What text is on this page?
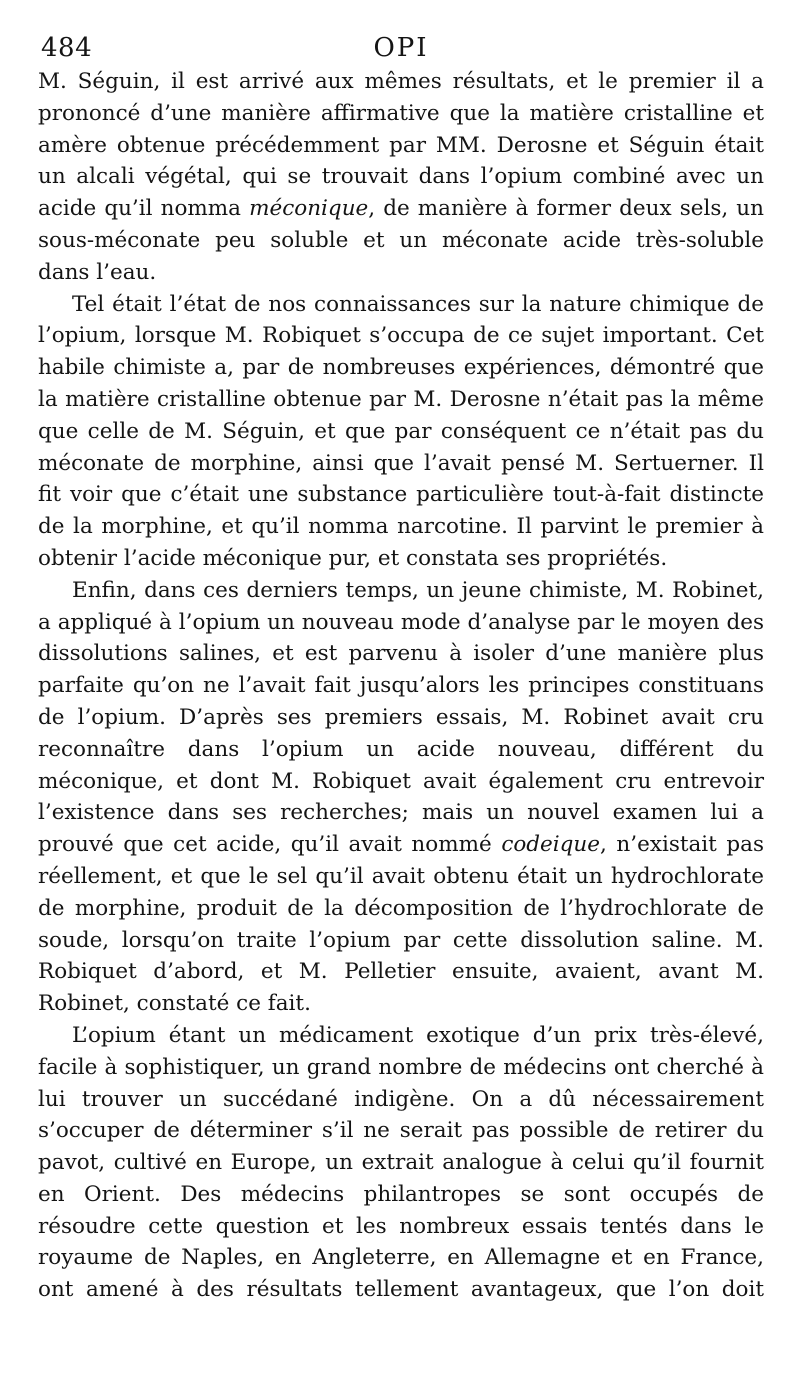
484	OPI

M. Séguin, il est arrivé aux mêmes résultats, et le premier il a prononcé d’une manière affirmative que la matière cristalline et amère obtenue précédemment par MM. Derosne et Séguin était un alcali végétal, qui se trouvait dans l’opium combiné avec un acide qu’il nomma méconique, de manière à former deux sels, un sous-méconate peu soluble et un méconate acide très-soluble dans l’eau.

Tel était l’état de nos connaissances sur la nature chimique de l’opium, lorsque M. Robiquet s’occupa de ce sujet important. Cet habile chimiste a, par de nombreuses expériences, démontré que la matière cristalline obtenue par M. Derosne n’était pas la même que celle de M. Séguin, et que par conséquent ce n’était pas du méconate de morphine, ainsi que l’avait pensé M. Sertuerner. Il fit voir que c’était une substance particulière tout-à-fait distincte de la morphine, et qu’il nomma narcotine. Il parvint le premier à obtenir l’acide méconique pur, et constata ses propriétés.

Enfin, dans ces derniers temps, un jeune chimiste, M. Robinet, a appliqué à l’opium un nouveau mode d’analyse par le moyen des dissolutions salines, et est parvenu à isoler d’une manière plus parfaite qu’on ne l’avait fait jusqu’alors les principes constituans de l’opium. D’après ses premiers essais, M. Robinet avait cru reconnaître dans l’opium un acide nouveau, différent du méconique, et dont M. Robiquet avait également cru entrevoir l’existence dans ses recherches; mais un nouvel examen lui a prouvé que cet acide, qu’il avait nommé codeique, n’existait pas réellement, et que le sel qu’il avait obtenu était un hydrochlorate de morphine, produit de la décomposition de l’hydrochlorate de soude, lorsqu’on traite l’opium par cette dissolution saline. M. Robiquet d’abord, et M. Pelletier ensuite, avaient, avant M. Robinet, constaté ce fait.

L’opium étant un médicament exotique d’un prix très-élevé, facile à sophistiquer, un grand nombre de médecins ont cherché à lui trouver un succédané indigène. On a dû nécessairement s’occuper de déterminer s’il ne serait pas possible de retirer du pavot, cultivé en Europe, un extrait analogue à celui qu’il fournit en Orient. Des médecins philantropes se sont occupés de résoudre cette question et les nombreux essais tentés dans le royaume de Naples, en Angleterre, en Allemagne et en France, ont amené à des résultats tellement avantageux, que l’on doit
